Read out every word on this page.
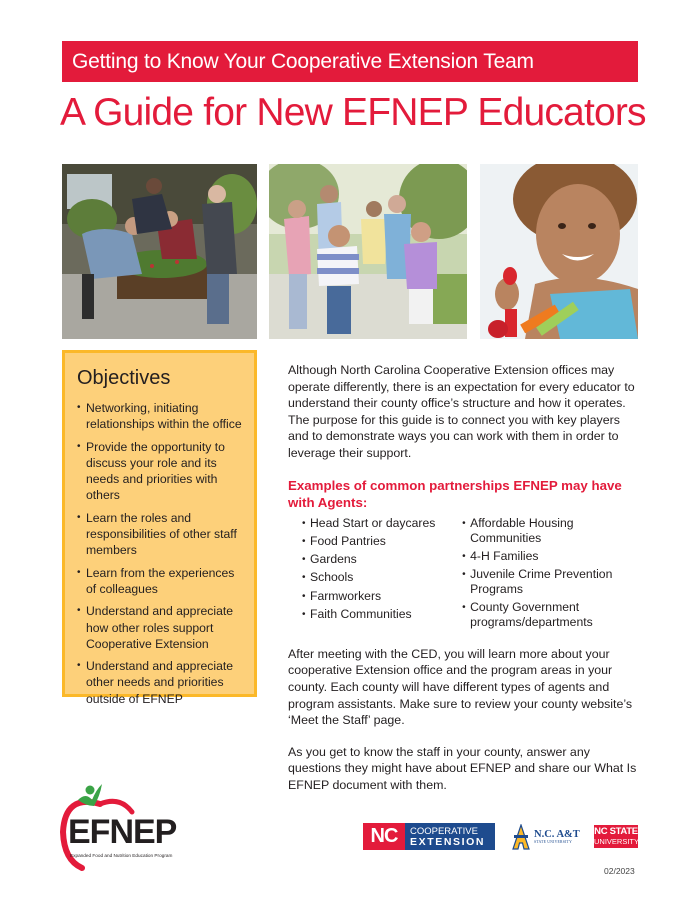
Getting to Know Your Cooperative Extension Team
A Guide for New EFNEP Educators
Objectives
• Networking, initiating relationships within the office
• Provide the opportunity to discuss your role and its needs and priorities with others
• Learn the roles and responsibilities of other staff members
• Learn from the experiences of colleagues
• Understand and appreciate how other roles support Cooperative Extension
• Understand and appreciate other needs and priorities outside of EFNEP

Although North Carolina Cooperative Extension offices may operate differently, there is an expectation for every educator to understand their county office’s structure and how it operates. The purpose for this guide is to connect you with key players and to demonstrate ways you can work with them in order to leverage their support.

Examples of common partnerships EFNEP may have with Agents:
• Head Start or daycares
• Food Pantries
• Gardens
• Schools
• Farmworkers
• Faith Communities
• Affordable Housing Communities
• 4-H Families
• Juvenile Crime Prevention Programs
• County Government programs/departments

After meeting with the CED, you will learn more about your cooperative Extension office and the program areas in your county. Each county will have different types of agents and program assistants. Make sure to review your county website’s ‘Meet the Staff’ page.

As you get to know the staff in your county, answer any questions they might have about EFNEP and share our What Is EFNEP document with them.

EFNEP
Expanded Food and Nutrition Education Program
NC	COOPERATIVE
EXTENSION
N.C. A&T
STATE UNIVERSITY
NC STATE
UNIVERSITY
02/2023
